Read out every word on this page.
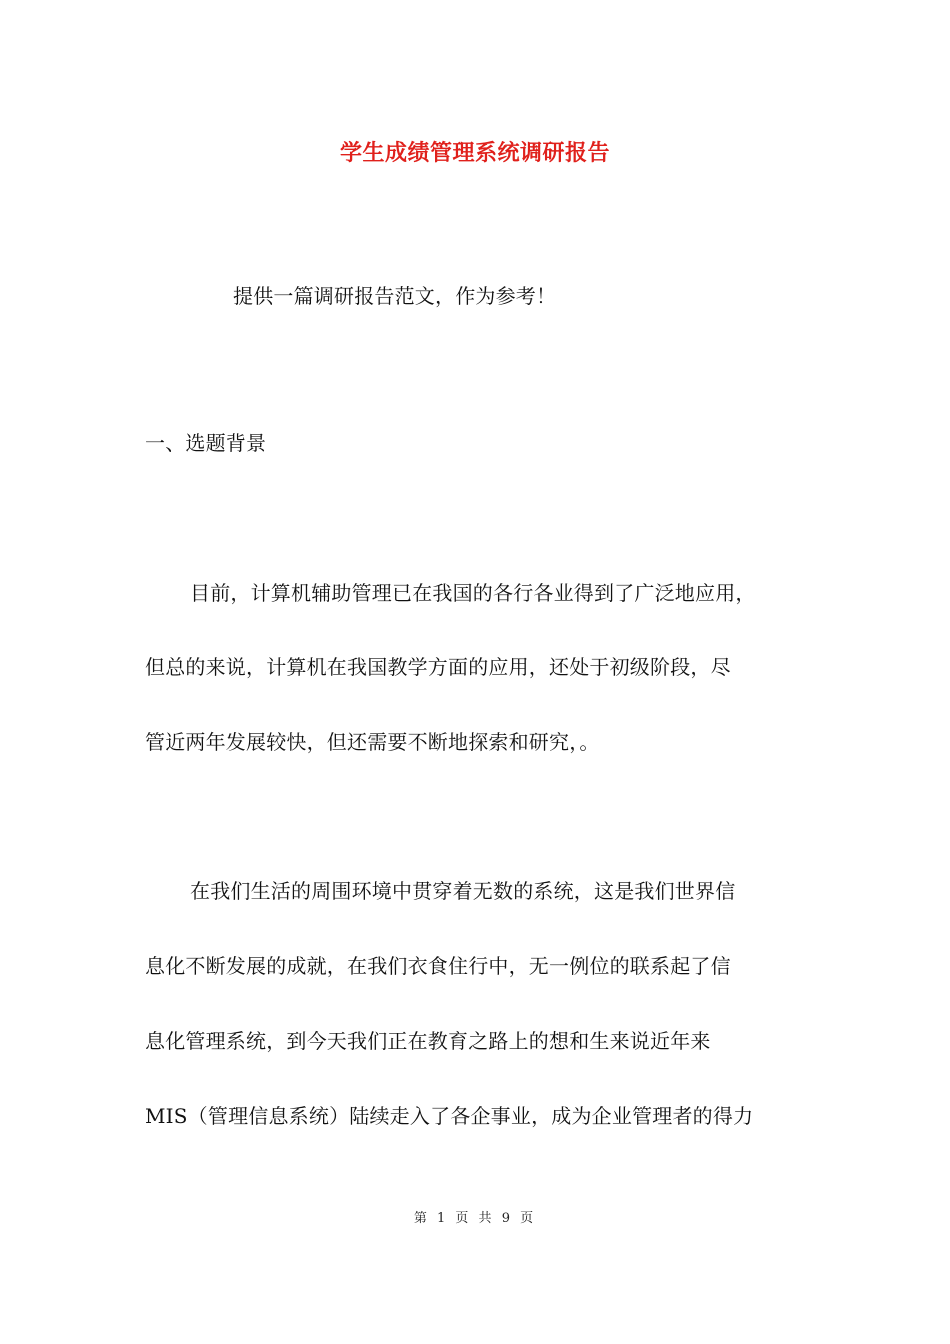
学生成绩管理系统调研报告
提供一篇调研报告范文，作为参考！
一、选题背景
目前，计算机辅助管理已在我国的各行各业得到了广泛地应用，
但总的来说，计算机在我国教学方面的应用，还处于初级阶段，尽
管近两年发展较快，但还需要不断地探索和研究，。
在我们生活的周围环境中贯穿着无数的系统，这是我们世界信
息化不断发展的成就，在我们衣食住行中，无一例位的联系起了信
息化管理系统，到今天我们正在教育之路上的想和生来说近年来
MIS（管理信息系统）陆续走入了各企事业，成为企业管理者的得力
第 1 页 共 9 页
